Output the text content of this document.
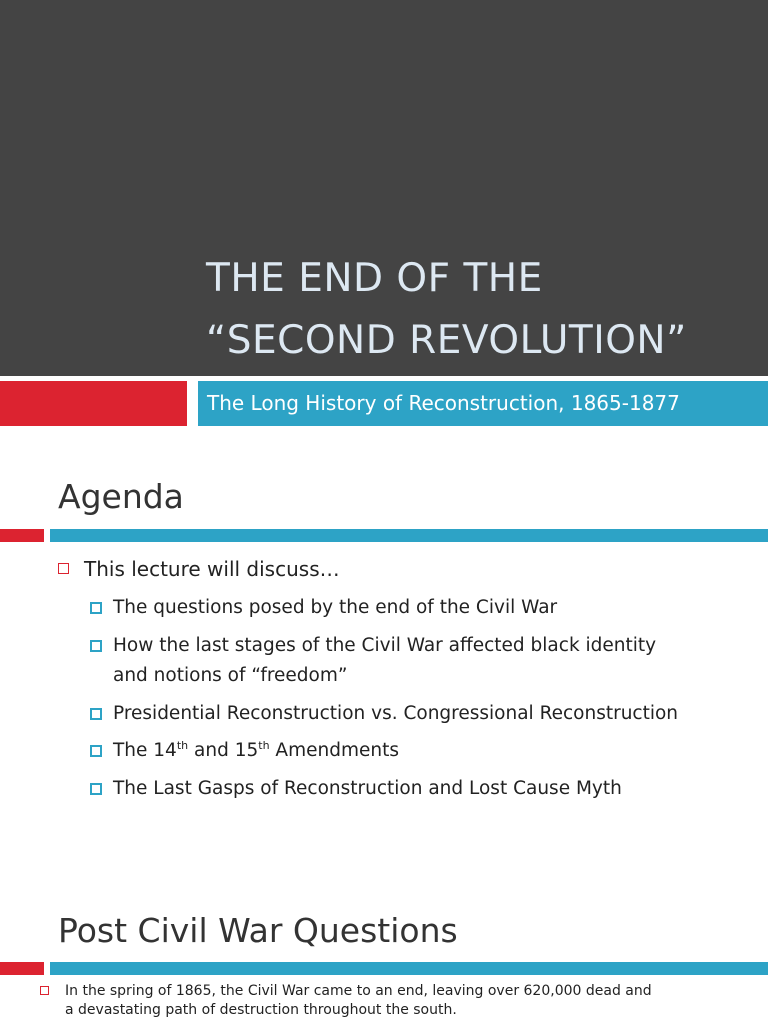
THE END OF THE
“SECOND REVOLUTION”
The Long History of Reconstruction, 1865-1877
Agenda
This lecture will discuss…
The questions posed by the end of the Civil War
How the last stages of the Civil War affected black identity
and notions of “freedom”
Presidential Reconstruction vs. Congressional Reconstruction
The 14th and 15th Amendments
The Last Gasps of Reconstruction and Lost Cause Myth
Post Civil War Questions
In the spring of 1865, the Civil War came to an end, leaving over 620,000 dead and
a devastating path of destruction throughout the south.
